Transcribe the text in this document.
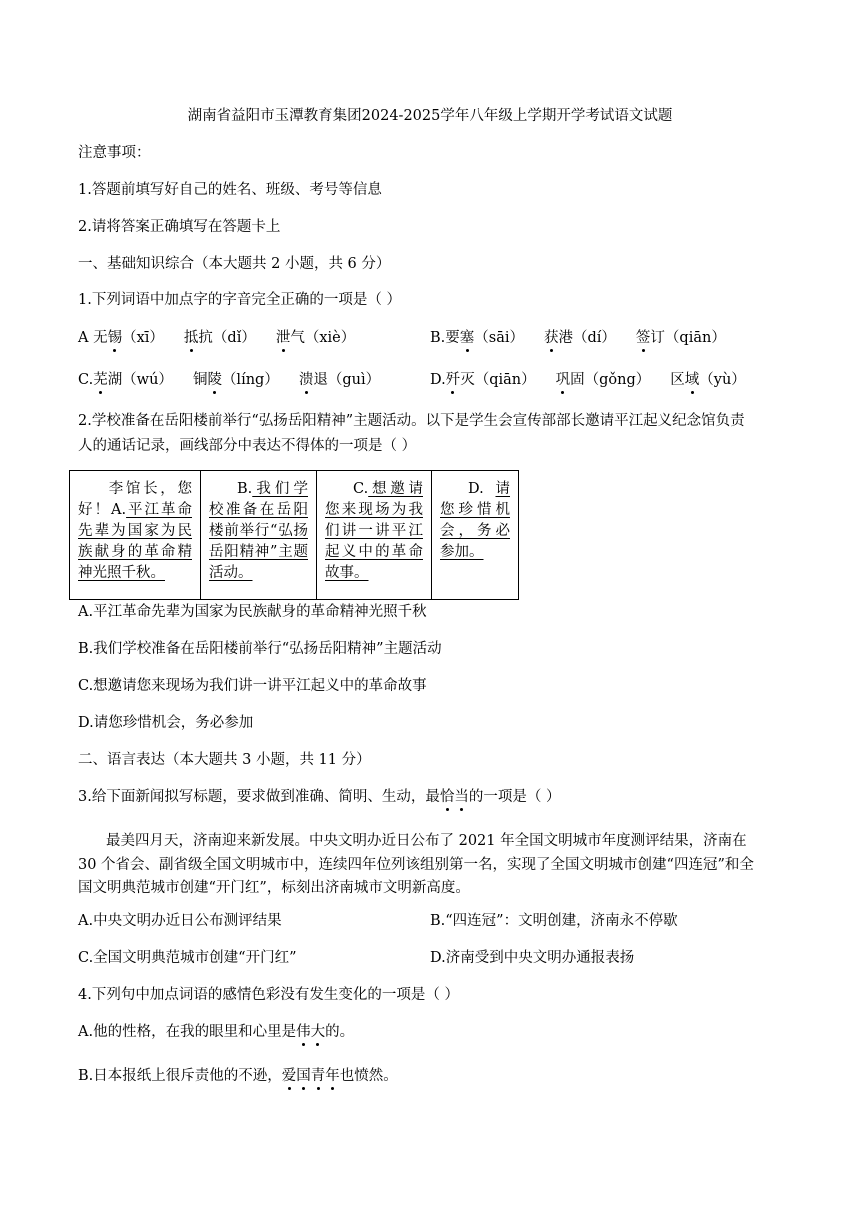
湖南省益阳市玉潭教育集团2024-2025学年八年级上学期开学考试语文试题
注意事项：
1.答题前填写好自己的姓名、班级、考号等信息
2.请将答案正确填写在答题卡上
一、基础知识综合（本大题共 2 小题，共 6 分）
1.下列词语中加点字的字音完全正确的一项是（ ）
A 无锡（xī） 抵抗（dǐ） 泄气（xiè）	B.要塞（sāi） 获港（dí） 签订（qiān）
C.芜湖（wú） 铜陵（líng） 溃退（guì）	D.歼灭（qiān） 巩固（gǒng） 区域（yù）
2.学校准备在岳阳楼前举行“弘扬岳阳精神”主题活动。以下是学生会宣传部部长邀请平江起义纪念馆负责
人的通话记录，画线部分中表达不得体的一项是（ ）
李馆长，您好！A.平江革命先辈为国家为民族献身的革命精神光照千秋。
B.我们学校准备在岳阳楼前举行“弘扬岳阳精神”主题活动。
C.想邀请您来现场为我们讲一讲平江起义中的革命故事。
D. 请您珍惜机会，务必参加。
A.平江革命先辈为国家为民族献身的革命精神光照千秋
B.我们学校准备在岳阳楼前举行“弘扬岳阳精神”主题活动
C.想邀请您来现场为我们讲一讲平江起义中的革命故事
D.请您珍惜机会，务必参加
二、语言表达（本大题共 3 小题，共 11 分）
3.给下面新闻拟写标题，要求做到准确、简明、生动，最恰当的一项是（ ）
最美四月天，济南迎来新发展。中央文明办近日公布了 2021 年全国文明城市年度测评结果，济南在
30 个省会、副省级全国文明城市中，连续四年位列该组别第一名，实现了全国文明城市创建“四连冠”和全
国文明典范城市创建“开门红”，标刻出济南城市文明新高度。
A.中央文明办近日公布测评结果	B.“四连冠”：文明创建，济南永不停歇
C.全国文明典范城市创建“开门红”	D.济南受到中央文明办通报表扬
4.下列句中加点词语的感情色彩没有发生变化的一项是（ ）
A.他的性格，在我的眼里和心里是伟大的。
B.日本报纸上很斥责他的不逊，爱国青年也愤然。
